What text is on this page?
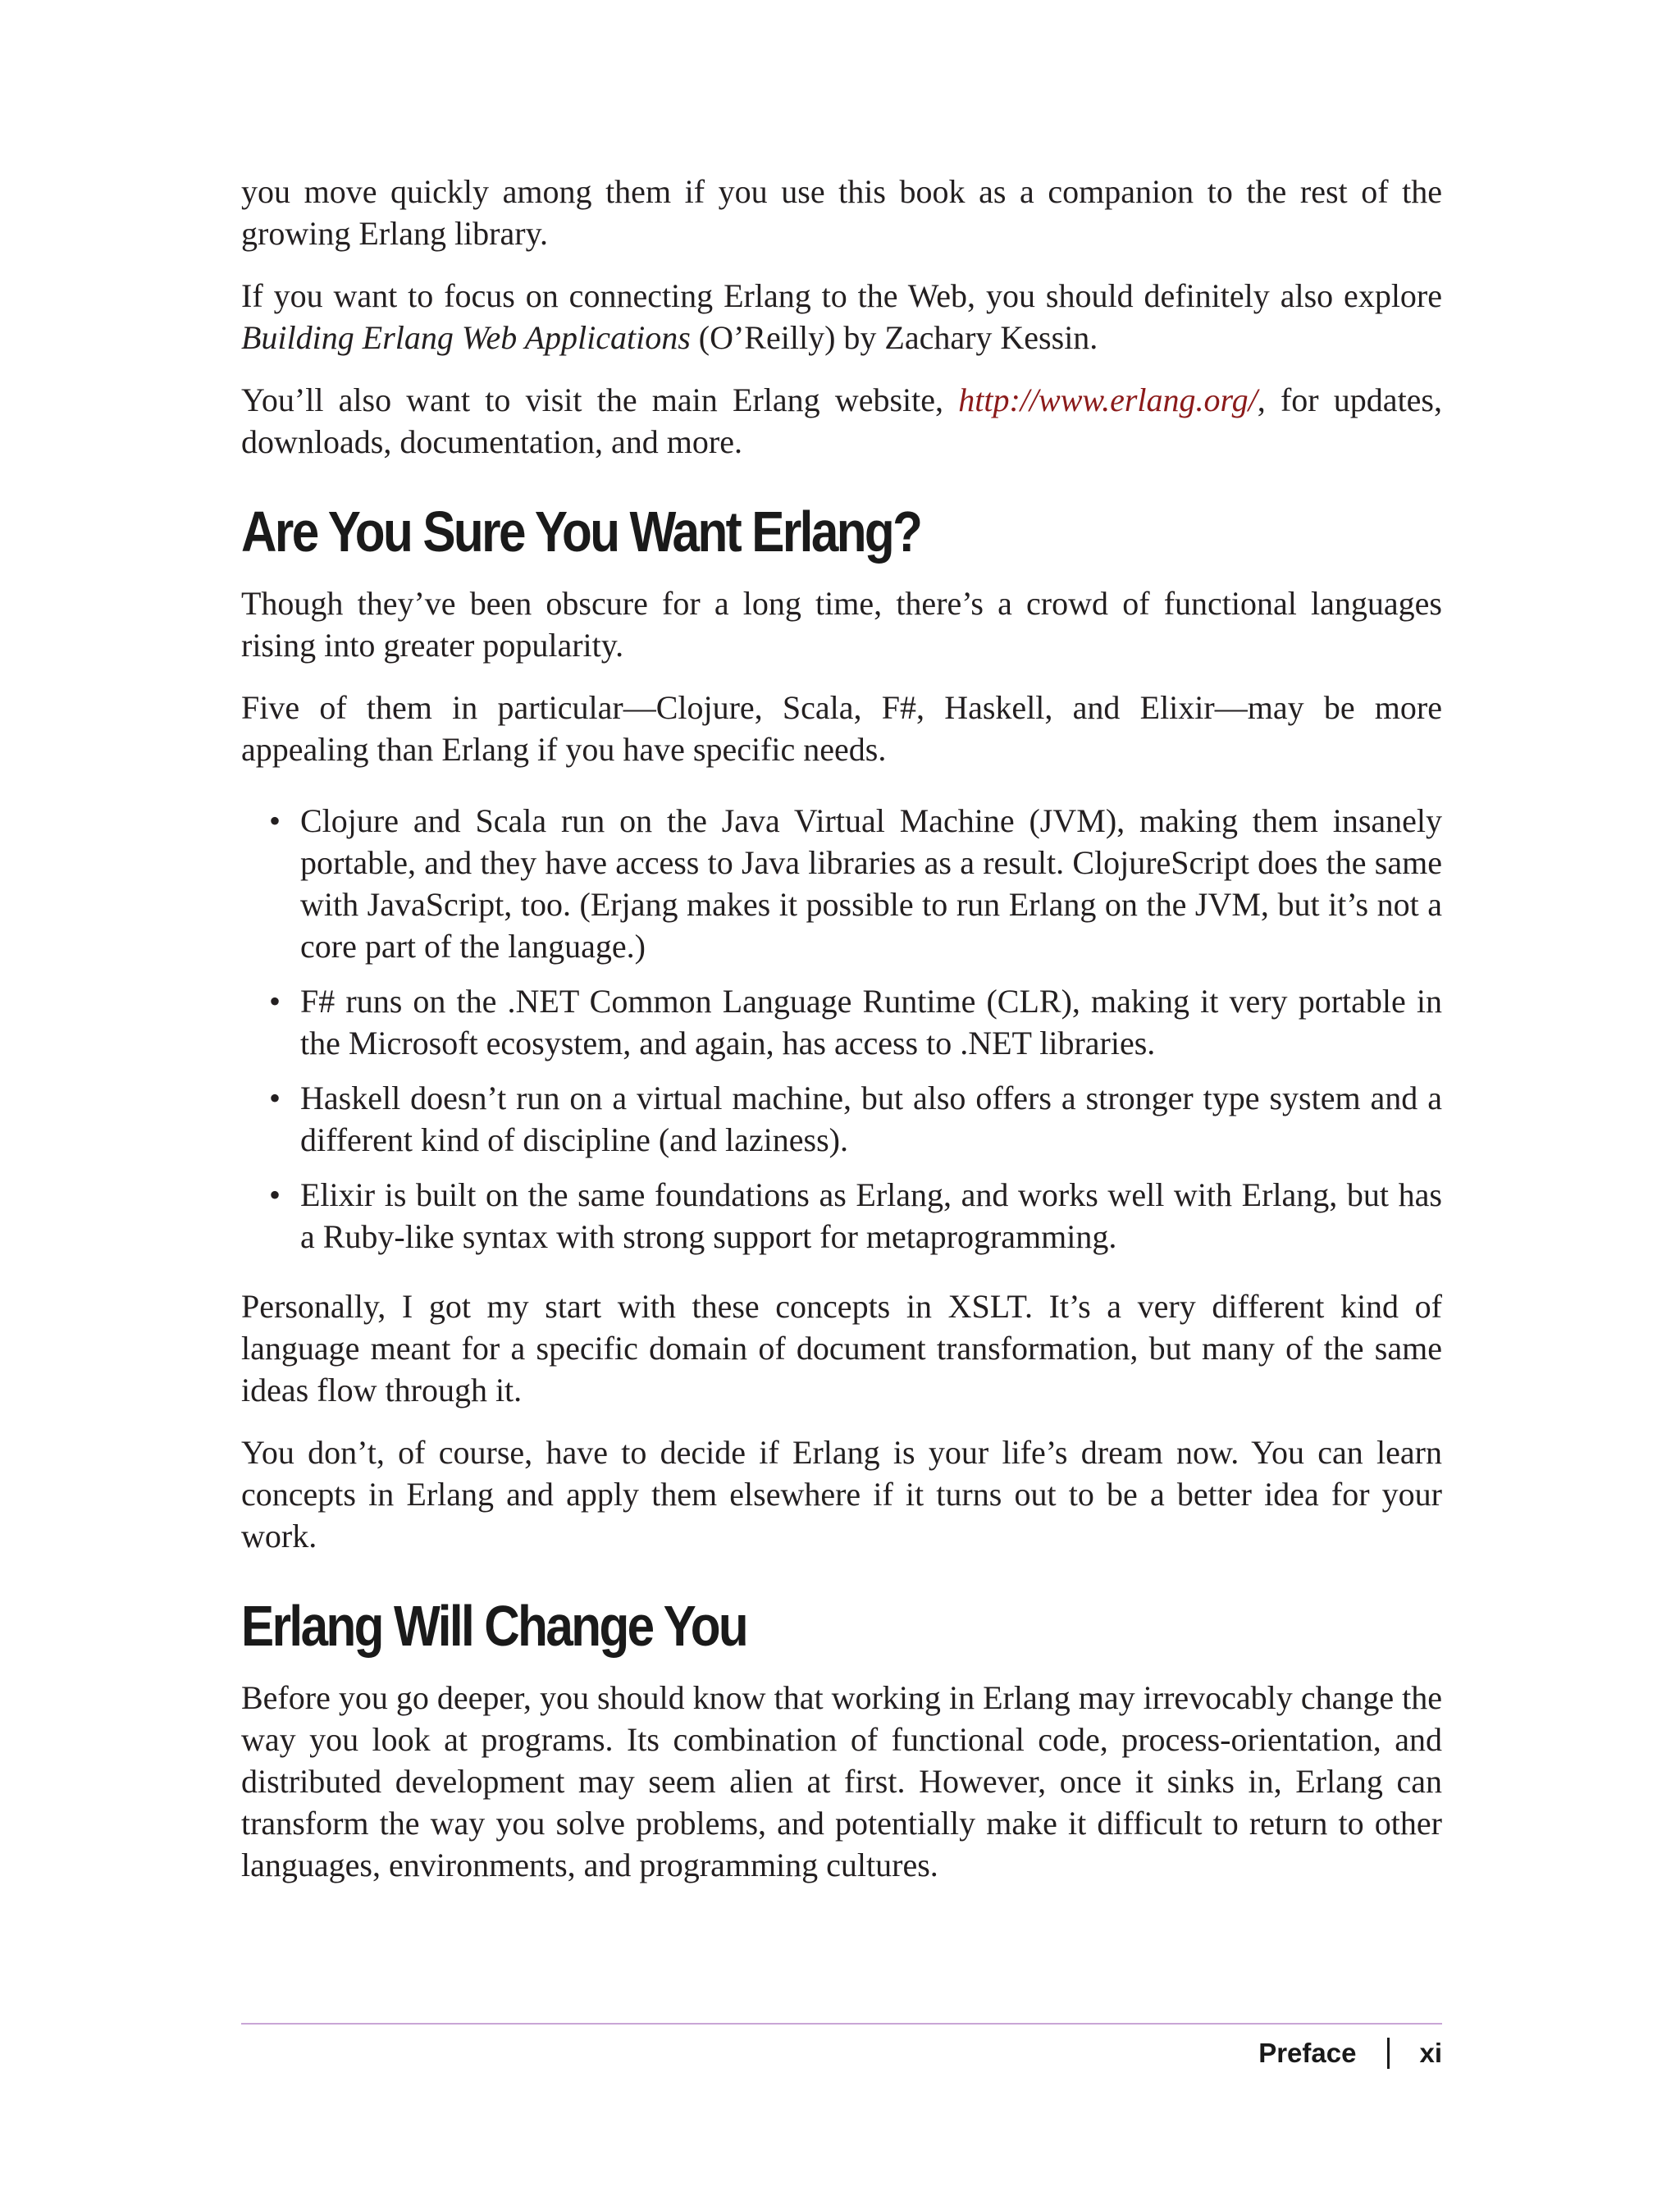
you move quickly among them if you use this book as a companion to the rest of the growing Erlang library.

If you want to focus on connecting Erlang to the Web, you should definitely also explore Building Erlang Web Applications (O’Reilly) by Zachary Kessin.

You’ll also want to visit the main Erlang website, http://www.erlang.org/, for updates, downloads, documentation, and more.

Are You Sure You Want Erlang?

Though they’ve been obscure for a long time, there’s a crowd of functional languages rising into greater popularity.

Five of them in particular—Clojure, Scala, F#, Haskell, and Elixir—may be more appealing than Erlang if you have specific needs.

• Clojure and Scala run on the Java Virtual Machine (JVM), making them insanely portable, and they have access to Java libraries as a result. ClojureScript does the same with JavaScript, too. (Erjang makes it possible to run Erlang on the JVM, but it’s not a core part of the language.)
• F# runs on the .NET Common Language Runtime (CLR), making it very portable in the Microsoft ecosystem, and again, has access to .NET libraries.
• Haskell doesn’t run on a virtual machine, but also offers a stronger type system and a different kind of discipline (and laziness).
• Elixir is built on the same foundations as Erlang, and works well with Erlang, but has a Ruby-like syntax with strong support for metaprogramming.

Personally, I got my start with these concepts in XSLT. It’s a very different kind of language meant for a specific domain of document transformation, but many of the same ideas flow through it.

You don’t, of course, have to decide if Erlang is your life’s dream now. You can learn concepts in Erlang and apply them elsewhere if it turns out to be a better idea for your work.

Erlang Will Change You

Before you go deeper, you should know that working in Erlang may irrevocably change the way you look at programs. Its combination of functional code, process-orientation, and distributed development may seem alien at first. However, once it sinks in, Erlang can transform the way you solve problems, and potentially make it difficult to return to other languages, environments, and programming cultures.

Preface xi
